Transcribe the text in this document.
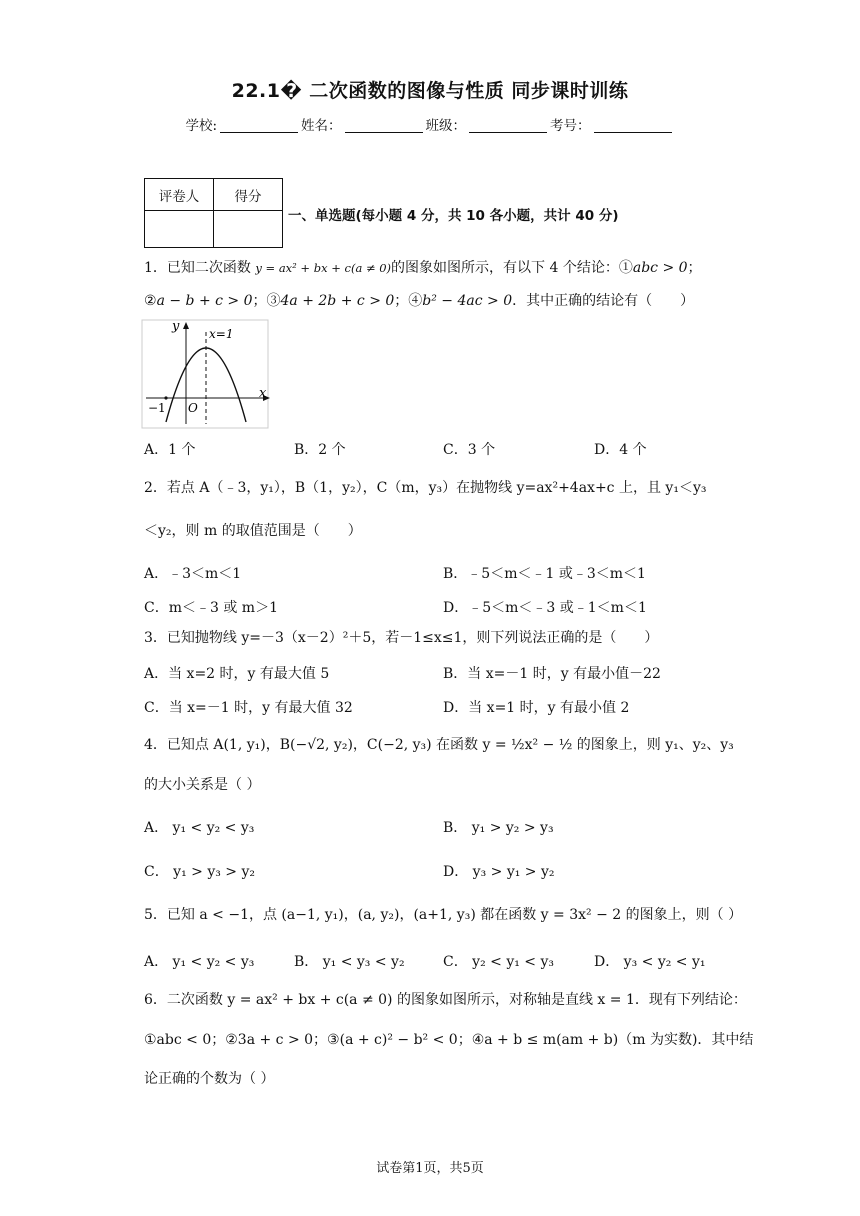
22.1� 二次函数的图像与性质 同步课时训练
学校:	姓名：	班级：	考号：
评卷人	得分

一、单选题(每小题 4 分，共 10 各小题，共计 40 分)
1．已知二次函数 y = ax² + bx + c(a ≠ 0)的图象如图所示，有以下 4 个结论：①abc > 0；
②a − b + c > 0；③4a + 2b + c > 0；④b² − 4ac > 0．其中正确的结论有（　　）
y
x
x=1
−1 O
A．1 个	B．2 个	C．3 个	D．4 个
2．若点 A（﹣3，y₁），B（1，y₂），C（m，y₃）在抛物线 y=ax²+4ax+c 上，且 y₁＜y₃
＜y₂，则 m 的取值范围是（　　）
A．﹣3＜m＜1	B．﹣5＜m＜﹣1 或﹣3＜m＜1
C．m＜﹣3 或 m＞1	D．﹣5＜m＜﹣3 或﹣1＜m＜1
3．已知抛物线 y=－3（x－2）²＋5，若－1≤x≤1，则下列说法正确的是（　　）
A．当 x=2 时，y 有最大值 5	B．当 x=－1 时，y 有最小值－22
C．当 x=－1 时，y 有最大值 32	D．当 x=1 时，y 有最小值 2
4．已知点 A(1, y₁)，B(−√2, y₂)，C(−2, y₃) 在函数 y = ½x² − ½ 的图象上，则 y₁、y₂、y₃
的大小关系是（ ）
A． y₁ < y₂ < y₃	B． y₁ > y₂ > y₃
C． y₁ > y₃ > y₂	D． y₃ > y₁ > y₂
5．已知 a < −1，点 (a−1, y₁)，(a, y₂)，(a+1, y₃) 都在函数 y = 3x² − 2 的图象上，则（ ）
A． y₁ < y₂ < y₃	B． y₁ < y₃ < y₂	C． y₂ < y₁ < y₃	D． y₃ < y₂ < y₁
6．二次函数 y = ax² + bx + c(a ≠ 0) 的图象如图所示，对称轴是直线 x = 1．现有下列结论：
①abc < 0；②3a + c > 0；③(a + c)² − b² < 0；④a + b ≤ m(am + b)（m 为实数)．其中结
论正确的个数为（ ）
试卷第1页，共5页
